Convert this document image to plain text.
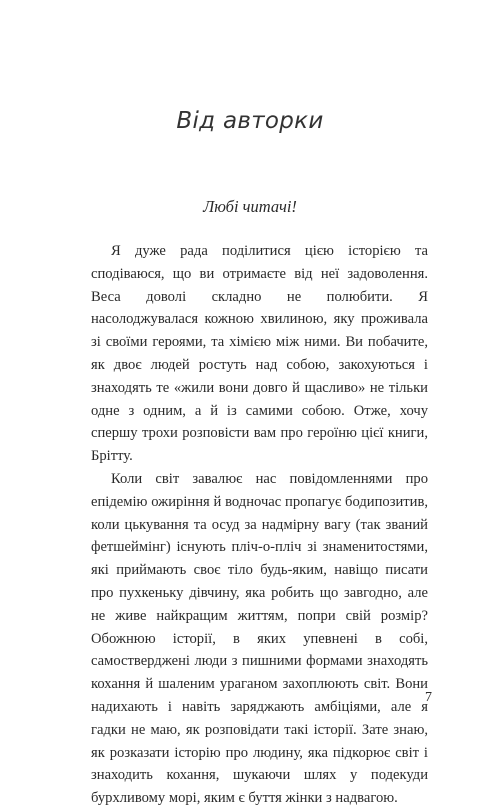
Від авторки

Любі читачі!

Я дуже рада поділитися цією історією та сподіваюся, що ви отримаєте від неї задоволення. Веса доволі складно не полюбити. Я насолоджувалася кожною хвилиною, яку проживала зі своїми героями, та хімією між ними. Ви побачите, як двоє людей ростуть над собою, закохуються і знаходять те «жили вони довго й щасливо» не тільки одне з одним, а й із самими собою. Отже, хочу спершу трохи розповісти вам про героїню цієї книги, Брітту.

Коли світ завалює нас повідомленнями про епідемію ожиріння й водночас пропагує бодипозитив, коли цькування та осуд за надмірну вагу (так званий фетшеймінг) існують пліч-о-пліч зі знаменитостями, які приймають своє тіло будь-яким, навіщо писати про пухкеньку дівчину, яка робить що завгодно, але не живе найкращим життям, попри свій розмір? Обожнюю історії, в яких упевнені в собі, самостверджені люди з пишними формами знаходять кохання й шаленим ураганом захоплюють світ. Вони надихають і навіть заряджають амбіціями, але я гадки не маю, як розповідати такі історії. Зате знаю, як розказати історію про людину, яка підкорює світ і знаходить кохання, шукаючи шлях у подекуди бурхливому морі, яким є буття жінки з надвагою.

7
